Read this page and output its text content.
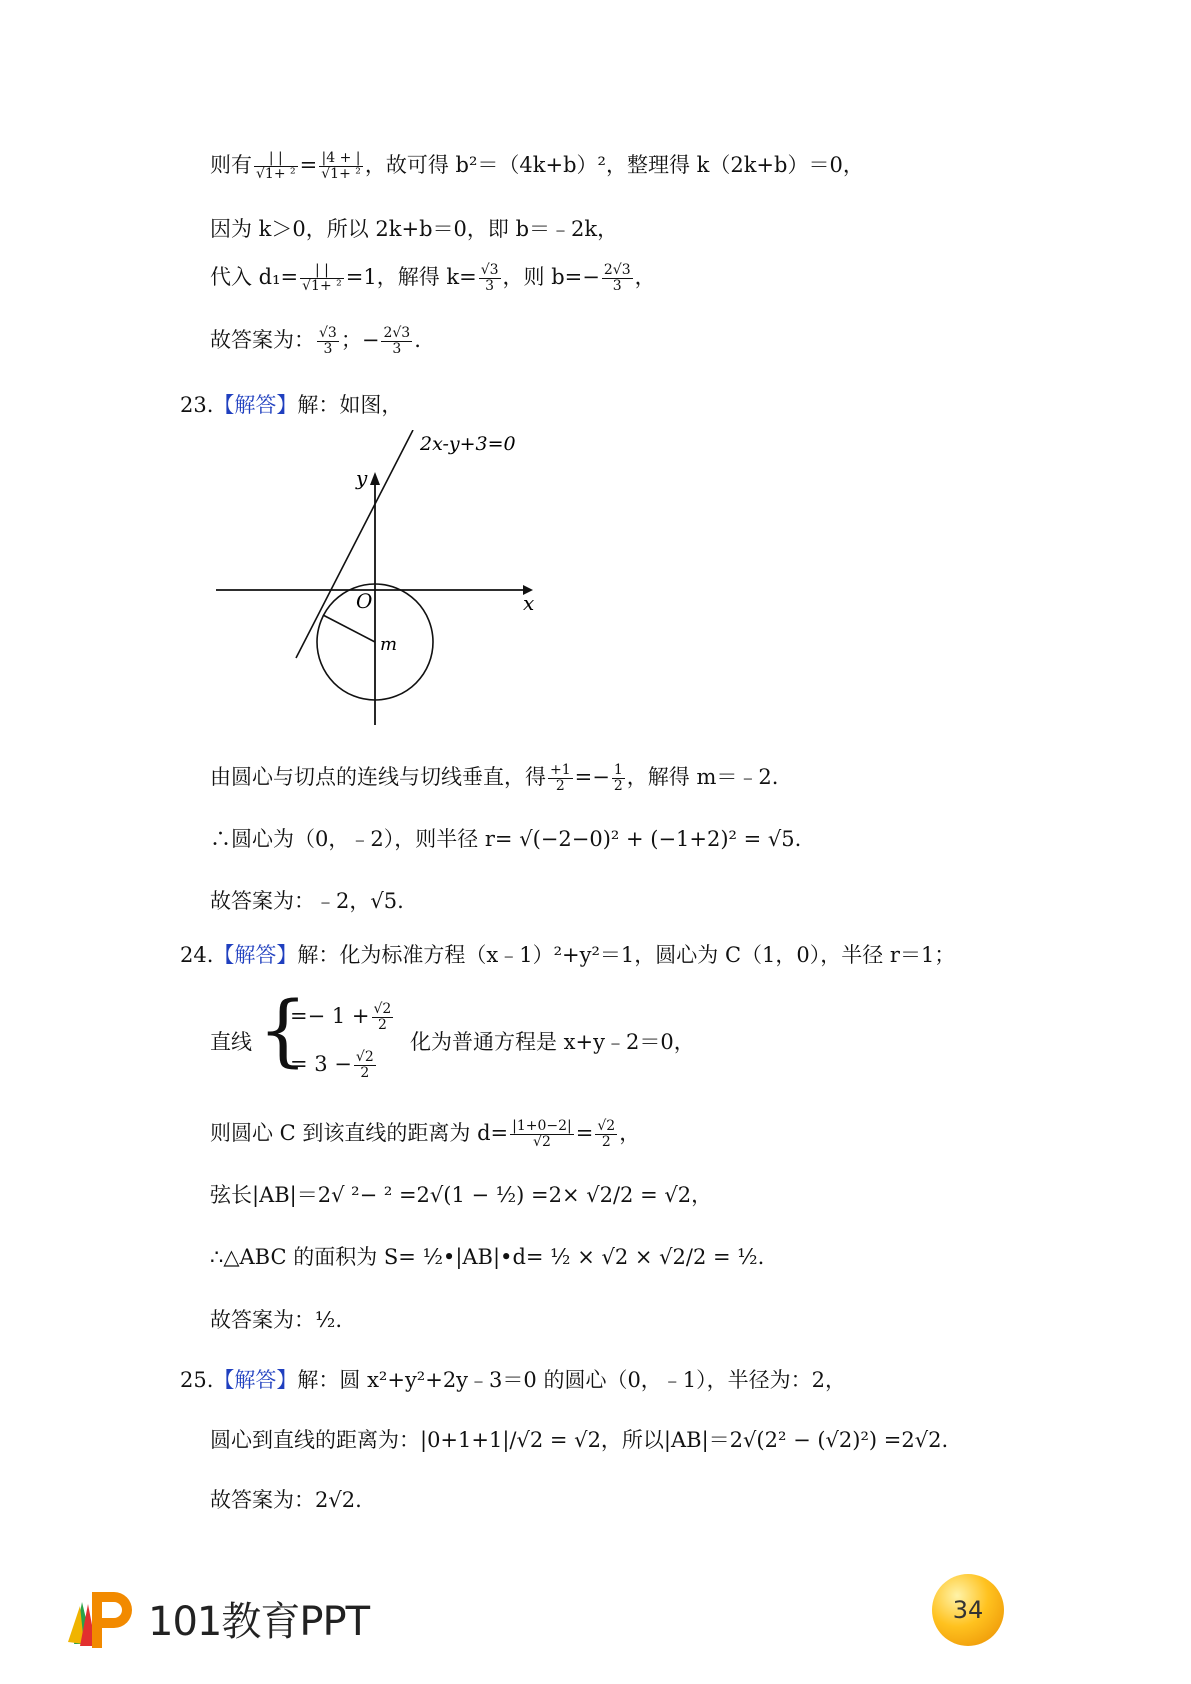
则有 $\frac{| |}{\text{√1+ ²}} = \frac{|4 + |}{\text{√1+ ²}}$ ，故可得 b²＝（4k+b）²，整理得 k（2k+b）＝0，
因为 k＞0，所以 2k+b＝0，即 b＝﹣2k，
代入 $d_1= \frac{| |}{\text{√1+ ²}} =1$，解得 $k= \frac{√3}{3}$ ，则 $b=- \frac{2√3}{3}$ ，
故答案为： $\frac{√3}{3}$ ；− $\frac{2√3}{3}$ .
23.【解答】解：如图，
2x-y+3=0
y
x
O
m
由圆心与切点的连线与切线垂直，得 $\frac{+1}{2} =- \frac{1}{2}$ ，解得 m＝﹣2.
∴圆心为（0，﹣2），则半径 r= √(−2−0)² + (−1+2)² = √5.
故答案为：﹣2，√5.
24.【解答】解：化为标准方程（x﹣1）²+y²＝1，圆心为 C（1，0），半径 r＝1；
直线 {
=− $1 + \frac{√2}{2}$
= $3 - \frac{√2}{2}$
化为普通方程是 x+y﹣2＝0，
则圆心 C 到该直线的距离为 $d= \frac{|1+0-2|}{√2} = \frac{√2}{2}$ ，
弦长|AB|＝2√ ²− ² =2√(1 − ½) =2× √2/2 = √2，
∴△ABC 的面积为 S= ½•|AB|•d= ½ × √2 × √2/2 = ½.
故答案为：½.
25.【解答】解：圆 x²+y²+2y﹣3＝0 的圆心（0，﹣1），半径为：2，
圆心到直线的距离为：|0+1+1|/√2 = √2，所以|AB|＝2√(2² − (√2)²) =2√2.
故答案为：2√2.
101教育PPT	34
